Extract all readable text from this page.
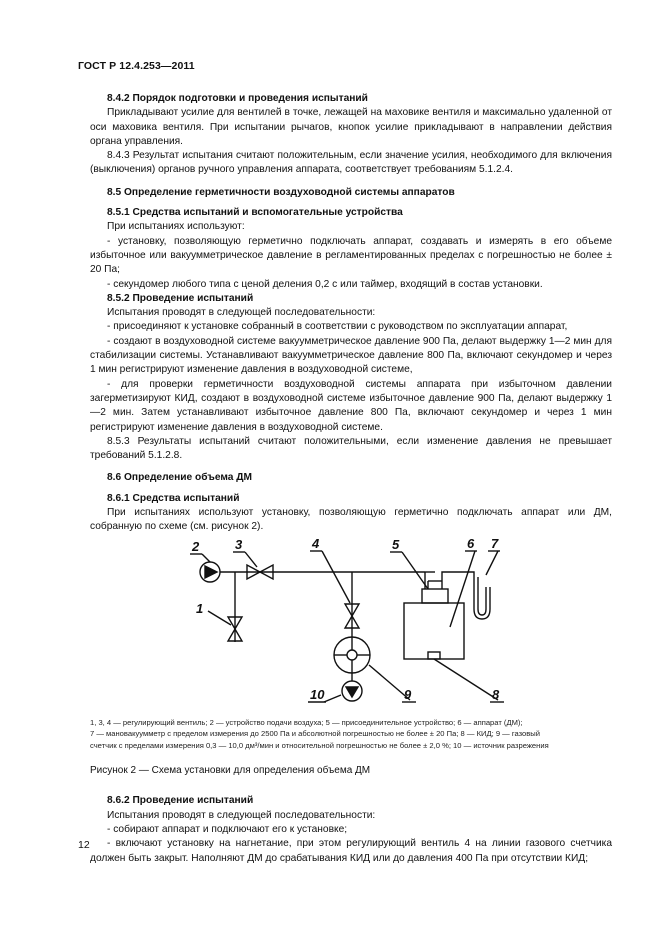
ГОСТ Р 12.4.253—2011

8.4.2 Порядок подготовки и проведения испытаний

Прикладывают усилие для вентилей в точке, лежащей на маховике вентиля и максимально удаленной от оси маховика вентиля. При испытании рычагов, кнопок усилие прикладывают в направлении действия органа управления.

8.4.3 Результат испытания считают положительным, если значение усилия, необходимого для включения (выключения) органов ручного управления аппарата, соответствует требованиям 5.1.2.4.

8.5 Определение герметичности воздуховодной системы аппаратов

8.5.1 Средства испытаний и вспомогательные устройства

При испытаниях используют:

- установку, позволяющую герметично подключать аппарат, создавать и измерять в его объеме избыточное или вакуумметрическое давление в регламентированных пределах с погрешностью не более ± 20 Па;

- секундомер любого типа с ценой деления 0,2 с или таймер, входящий в состав установки.

8.5.2 Проведение испытаний

Испытания проводят в следующей последовательности:

- присоединяют к установке собранный в соответствии с руководством по эксплуатации аппарат,

- создают в воздуховодной системе вакуумметрическое давление 900 Па, делают выдержку 1—2 мин для стабилизации системы. Устанавливают вакуумметрическое давление 800 Па, включают секундомер и через 1 мин регистрируют изменение давления в воздуховодной системе,

- для проверки герметичности воздуховодной системы аппарата при избыточном давлении загерметизируют КИД, создают в воздуховодной системе избыточное давление 900 Па, делают выдержку 1—2 мин. Затем устанавливают избыточное давление 800 Па, включают секундомер и через 1 мин регистрируют изменение давления в воздуховодной системе.

8.5.3 Результаты испытаний считают положительными, если изменение давления не превышает требований 5.1.2.8.

8.6 Определение объема ДМ

8.6.1 Средства испытаний

При испытаниях используют установку, позволяющую герметично подключать аппарат или ДМ, собранную по схеме (см. рисунок 2).

2	3
1
4	5	6 7
8
9
10

1, 3, 4 — регулирующий вентиль; 2 — устройство подачи воздуха; 5 — присоединительное устройство; 6 — аппарат (ДМ);

7 — мановакуумметр с пределом измерения до 2500 Па и абсолютной погрешностью не более ± 20 Па; 8 — КИД; 9 — газовый

счетчик с пределами измерения 0,3 — 10,0 дм³/мин и относительной погрешностью не более ± 2,0 %; 10 — источник разрежения

Рисунок 2 — Схема установки для определения объема ДМ

8.6.2 Проведение испытаний

Испытания проводят в следующей последовательности:

- собирают аппарат и подключают его к установке;

- включают установку на нагнетание, при этом регулирующий вентиль 4 на линии газового счетчика должен быть закрыт. Наполняют ДМ до срабатывания КИД или до давления 400 Па при отсутствии КИД;

12
